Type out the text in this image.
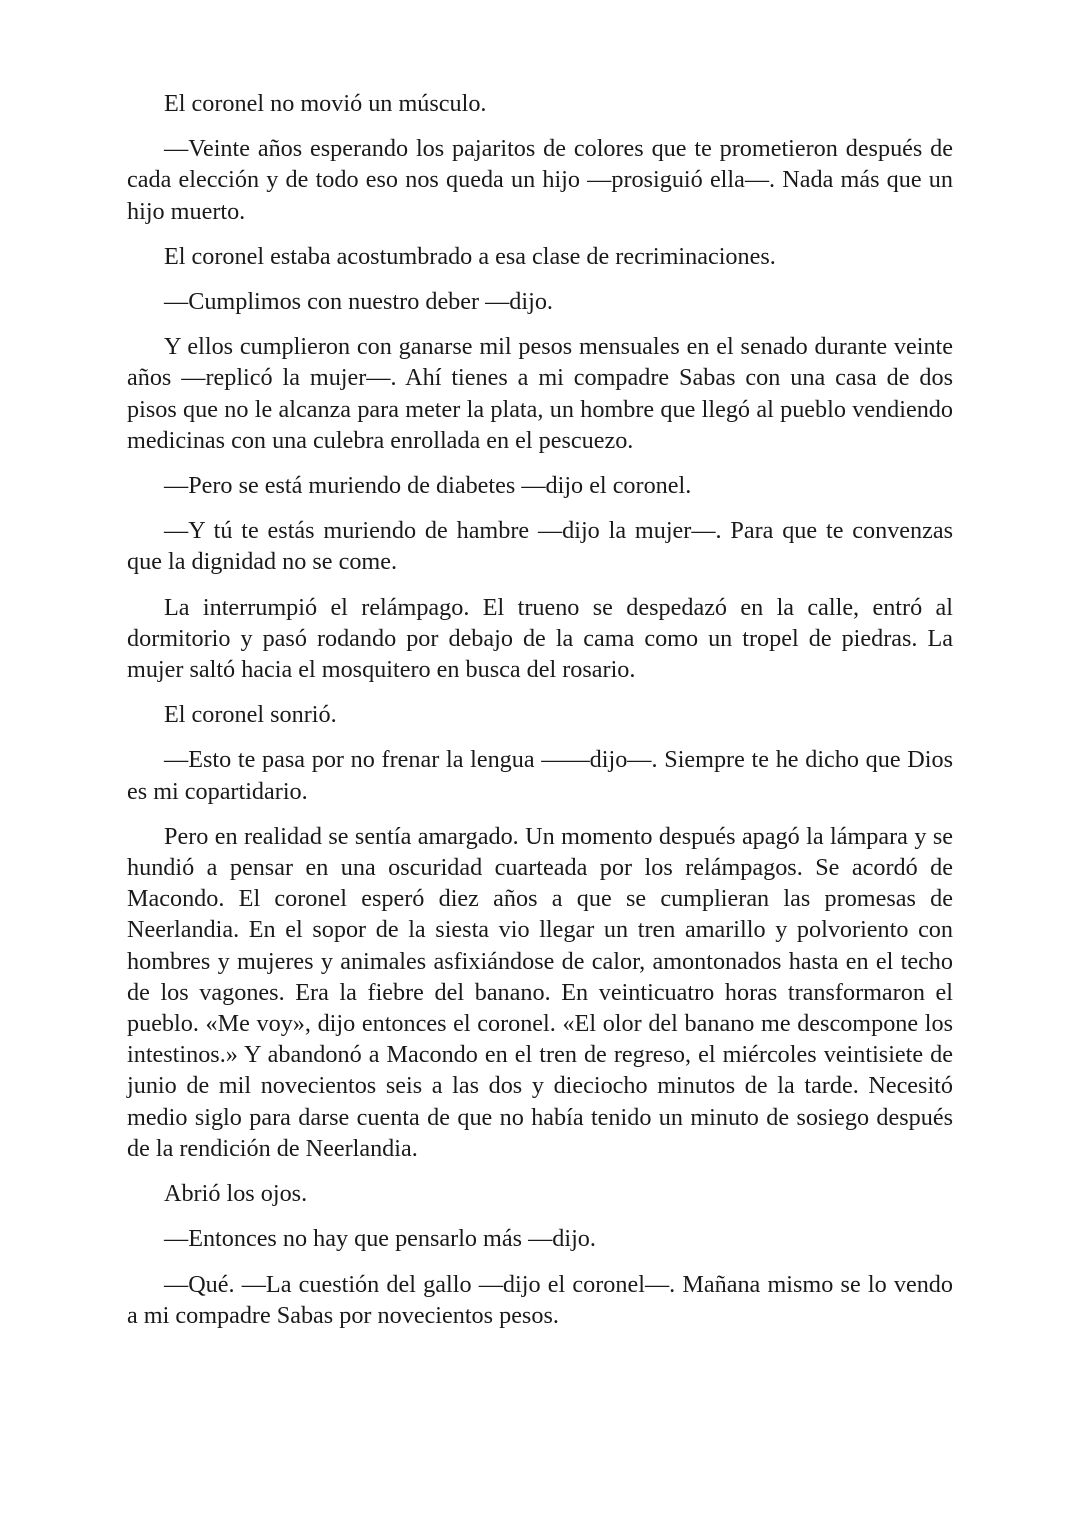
El coronel no movió un músculo.

—Veinte años esperando los pajaritos de colores que te prometieron después de cada elección y de todo eso nos queda un hijo —prosiguió ella—. Nada más que un hijo muerto.

El coronel estaba acostumbrado a esa clase de recriminaciones.

—Cumplimos con nuestro deber —dijo.

Y ellos cumplieron con ganarse mil pesos mensuales en el senado durante veinte años —replicó la mujer—. Ahí tienes a mi compadre Sabas con una casa de dos pisos que no le alcanza para meter la plata, un hombre que llegó al pueblo vendiendo medicinas con una culebra enrollada en el pescuezo.

—Pero se está muriendo de diabetes —dijo el coronel.

—Y tú te estás muriendo de hambre —dijo la mujer—. Para que te convenzas que la dignidad no se come.

La interrumpió el relámpago. El trueno se despedazó en la calle, entró al dormitorio y pasó rodando por debajo de la cama como un tropel de piedras. La mujer saltó hacia el mosquitero en busca del rosario.

El coronel sonrió.

—Esto te pasa por no frenar la lengua ——dijo—. Siempre te he dicho que Dios es mi copartidario.

Pero en realidad se sentía amargado. Un momento después apagó la lámpara y se hundió a pensar en una oscuridad cuarteada por los relámpagos. Se acordó de Macondo. El coronel esperó diez años a que se cumplieran las promesas de Neerlandia. En el sopor de la siesta vio llegar un tren amarillo y polvoriento con hombres y mujeres y animales asfixiándose de calor, amontonados hasta en el techo de los vagones. Era la fiebre del banano. En veinticuatro horas transformaron el pueblo. «Me voy», dijo entonces el coronel. «El olor del banano me descompone los intestinos.» Y abandonó a Macondo en el tren de regreso, el miércoles veintisiete de junio de mil novecientos seis a las dos y dieciocho minutos de la tarde. Necesitó medio siglo para darse cuenta de que no había tenido un minuto de sosiego después de la rendición de Neerlandia.

Abrió los ojos.

—Entonces no hay que pensarlo más —dijo.

—Qué. —La cuestión del gallo —dijo el coronel—. Mañana mismo se lo vendo a mi compadre Sabas por novecientos pesos.
